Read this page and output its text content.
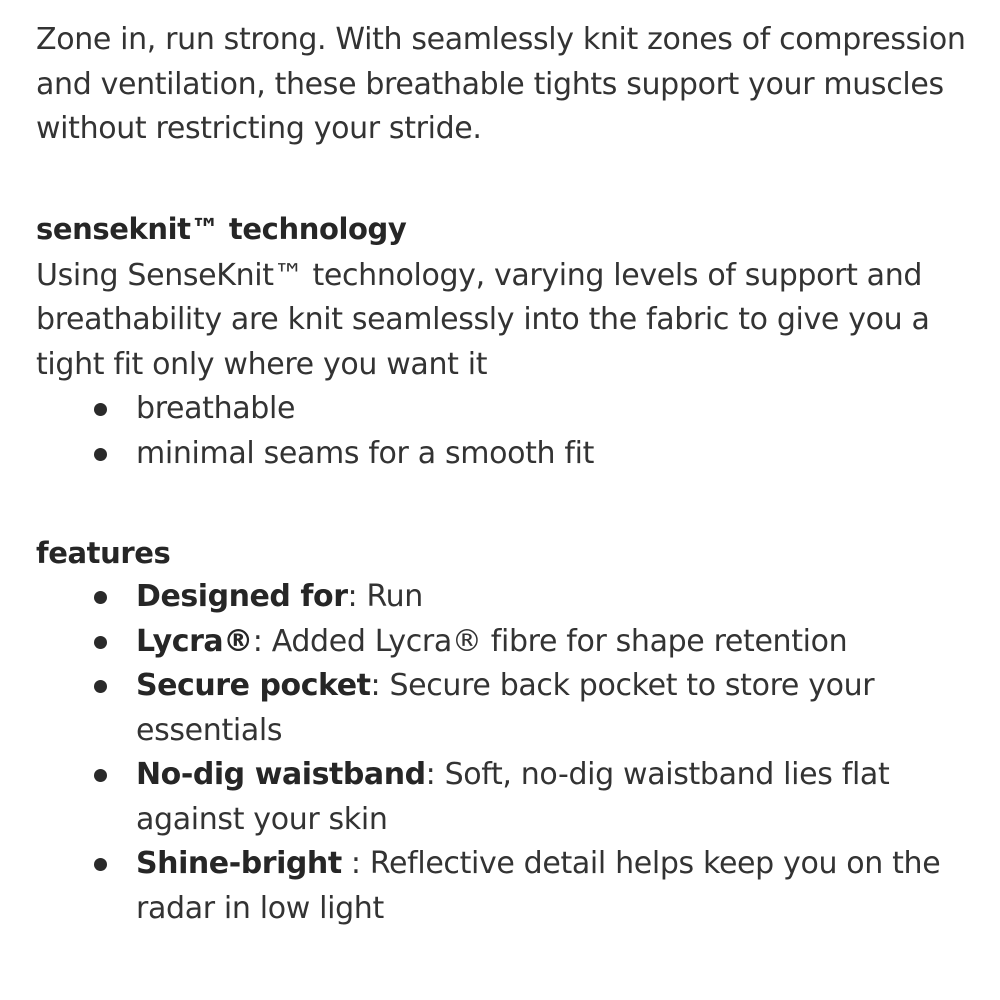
Zone in, run strong. With seamlessly knit zones of compression and ventilation, these breathable tights support your muscles without restricting your stride.

senseknit™ technology

Using SenseKnit™ technology, varying levels of support and breathability are knit seamlessly into the fabric to give you a tight fit only where you want it

breathable
minimal seams for a smooth fit
features
Designed for: Run
Lycra®: Added Lycra® fibre for shape retention
Secure pocket: Secure back pocket to store your essentials
No-dig waistband: Soft, no-dig waistband lies flat against your skin
Shine-bright : Reflective detail helps keep you on the radar in low light
